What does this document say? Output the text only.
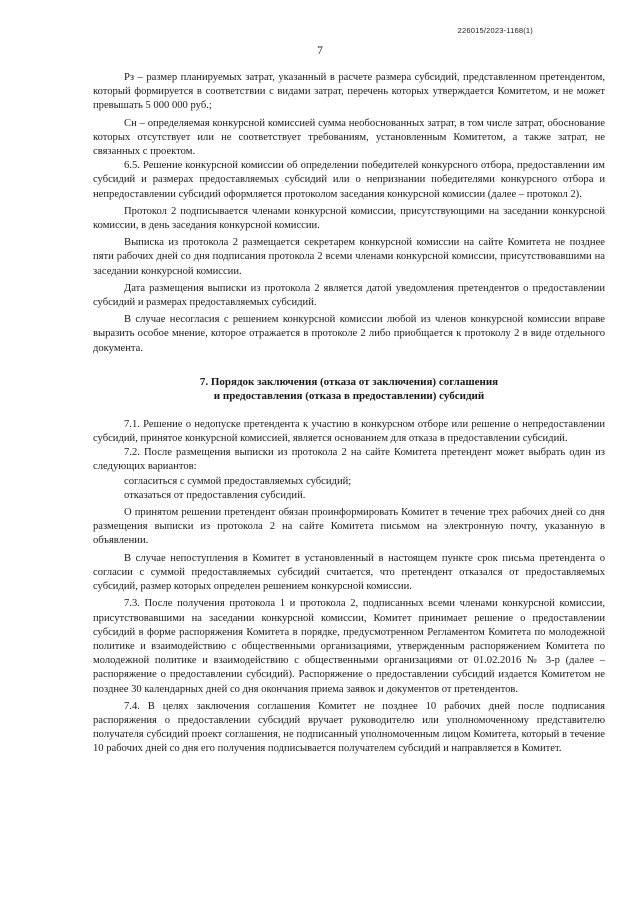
226015/2023-1168(1)
7

Рз – размер планируемых затрат, указанный в расчете размера субсидий, представленном претендентом, который формируется в соответствии с видами затрат, перечень которых утверждается Комитетом, и не может превышать 5 000 000 руб.;

Сн – определяемая конкурсной комиссией сумма необоснованных затрат, в том числе затрат, обоснование которых отсутствует или не соответствует требованиям, установленным Комитетом, а также затрат, не связанных с проектом.

6.5. Решение конкурсной комиссии об определении победителей конкурсного отбора, предоставлении им субсидий и размерах предоставляемых субсидий или о непризнании победителями конкурсного отбора и непредоставлении субсидий оформляется протоколом заседания конкурсной комиссии (далее – протокол 2).

Протокол 2 подписывается членами конкурсной комиссии, присутствующими на заседании конкурсной комиссии, в день заседания конкурсной комиссии.

Выписка из протокола 2 размещается секретарем конкурсной комиссии на сайте Комитета не позднее пяти рабочих дней со дня подписания протокола 2 всеми членами конкурсной комиссии, присутствовавшими на заседании конкурсной комиссии.

Дата размещения выписки из протокола 2 является датой уведомления претендентов о предоставлении субсидий и размерах предоставляемых субсидий.

В случае несогласия с решением конкурсной комиссии любой из членов конкурсной комиссии вправе выразить особое мнение, которое отражается в протоколе 2 либо приобщается к протоколу 2 в виде отдельного документа.

7. Порядок заключения (отказа от заключения) соглашения
и предоставления (отказа в предоставлении) субсидий

7.1. Решение о недопуске претендента к участию в конкурсном отборе или решение о непредоставлении субсидий, принятое конкурсной комиссией, является основанием для отказа в предоставлении субсидий.

7.2. После размещения выписки из протокола 2 на сайте Комитета претендент может выбрать один из следующих вариантов:

согласиться с суммой предоставляемых субсидий;

отказаться от предоставления субсидий.

О принятом решении претендент обязан проинформировать Комитет в течение трех рабочих дней со дня размещения выписки из протокола 2 на сайте Комитета письмом на электронную почту, указанную в объявлении.

В случае непоступления в Комитет в установленный в настоящем пункте срок письма претендента о согласии с суммой предоставляемых субсидий считается, что претендент отказался от предоставляемых субсидий, размер которых определен решением конкурсной комиссии.

7.3. После получения протокола 1 и протокола 2, подписанных всеми членами конкурсной комиссии, присутствовавшими на заседании конкурсной комиссии, Комитет принимает решение о предоставлении субсидий в форме распоряжения Комитета в порядке, предусмотренном Регламентом Комитета по молодежной политике и взаимодействию с общественными организациями, утвержденным распоряжением Комитета по молодежной политике и взаимодействию с общественными организациями от 01.02.2016 № 3-р (далее – распоряжение о предоставлении субсидий). Распоряжение о предоставлении субсидий издается Комитетом не позднее 30 календарных дней со дня окончания приема заявок и документов от претендентов.

7.4. В целях заключения соглашения Комитет не позднее 10 рабочих дней после подписания распоряжения о предоставлении субсидий вручает руководителю или уполномоченному представителю получателя субсидий проект соглашения, не подписанный уполномоченным лицом Комитета, который в течение 10 рабочих дней со дня его получения подписывается получателем субсидий и направляется в Комитет.
